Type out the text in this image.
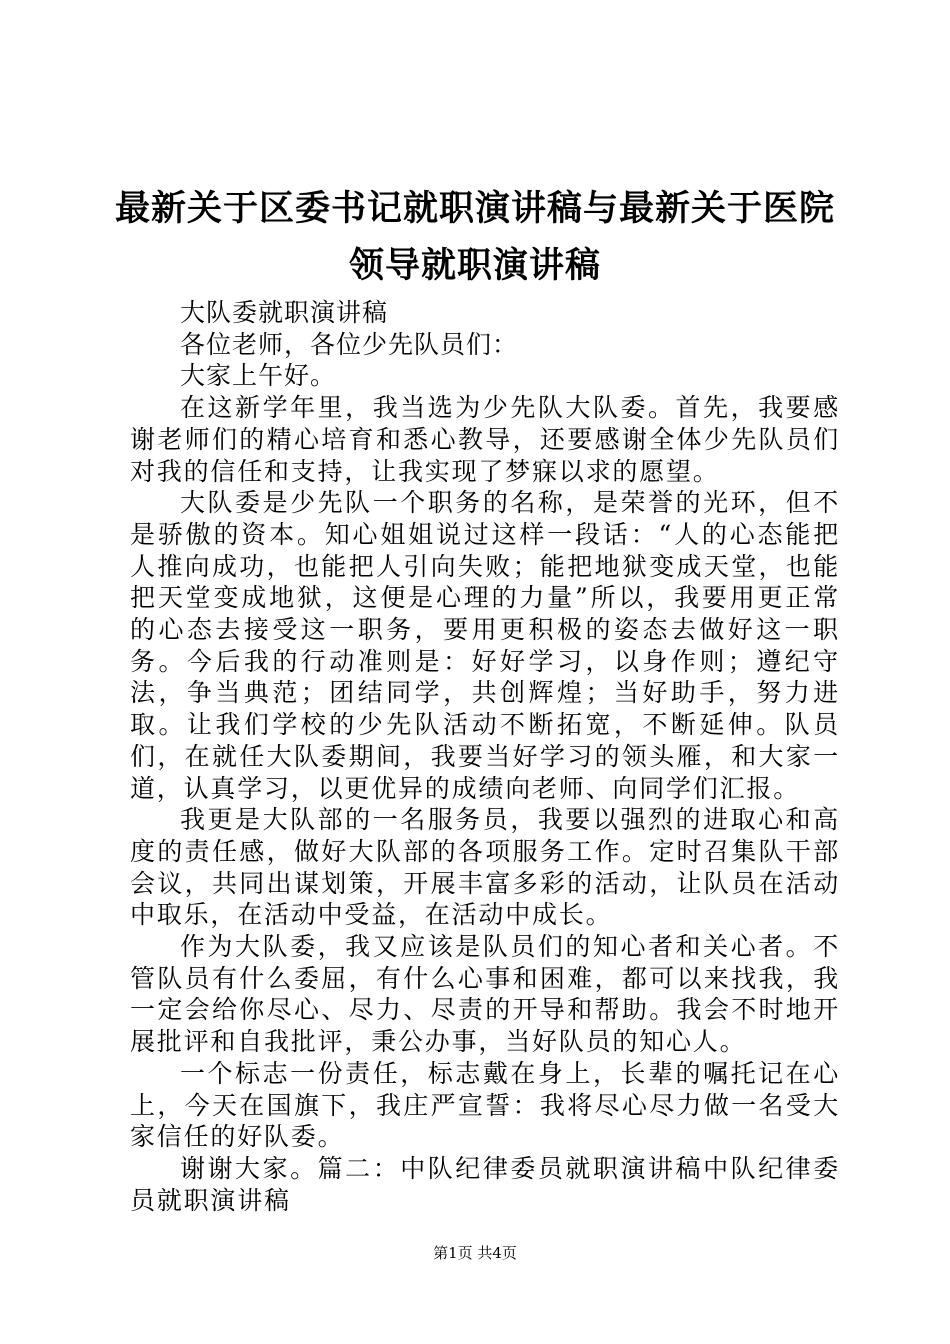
最新关于区委书记就职演讲稿与最新关于医院
领导就职演讲稿

大队委就职演讲稿

各位老师，各位少先队员们：

大家上午好。

在这新学年里，我当选为少先队大队委。首先，我要感谢老师们的精心培育和悉心教导，还要感谢全体少先队员们对我的信任和支持，让我实现了梦寐以求的愿望。

大队委是少先队一个职务的名称，是荣誉的光环，但不是骄傲的资本。知心姐姐说过这样一段话：“人的心态能把人推向成功，也能把人引向失败；能把地狱变成天堂，也能把天堂变成地狱，这便是心理的力量”所以，我要用更正常的心态去接受这一职务，要用更积极的姿态去做好这一职务。今后我的行动准则是：好好学习，以身作则；遵纪守法，争当典范；团结同学，共创辉煌；当好助手，努力进取。让我们学校的少先队活动不断拓宽，不断延伸。队员们，在就任大队委期间，我要当好学习的领头雁，和大家一道，认真学习，以更优异的成绩向老师、向同学们汇报。

我更是大队部的一名服务员，我要以强烈的进取心和高度的责任感，做好大队部的各项服务工作。定时召集队干部会议，共同出谋划策，开展丰富多彩的活动，让队员在活动中取乐，在活动中受益，在活动中成长。

作为大队委，我又应该是队员们的知心者和关心者。不管队员有什么委屈，有什么心事和困难，都可以来找我，我一定会给你尽心、尽力、尽责的开导和帮助。我会不时地开展批评和自我批评，秉公办事，当好队员的知心人。

一个标志一份责任，标志戴在身上，长辈的嘱托记在心上，今天在国旗下，我庄严宣誓：我将尽心尽力做一名受大家信任的好队委。

谢谢大家。篇二：中队纪律委员就职演讲稿中队纪律委员就职演讲稿

第1页 共4页
